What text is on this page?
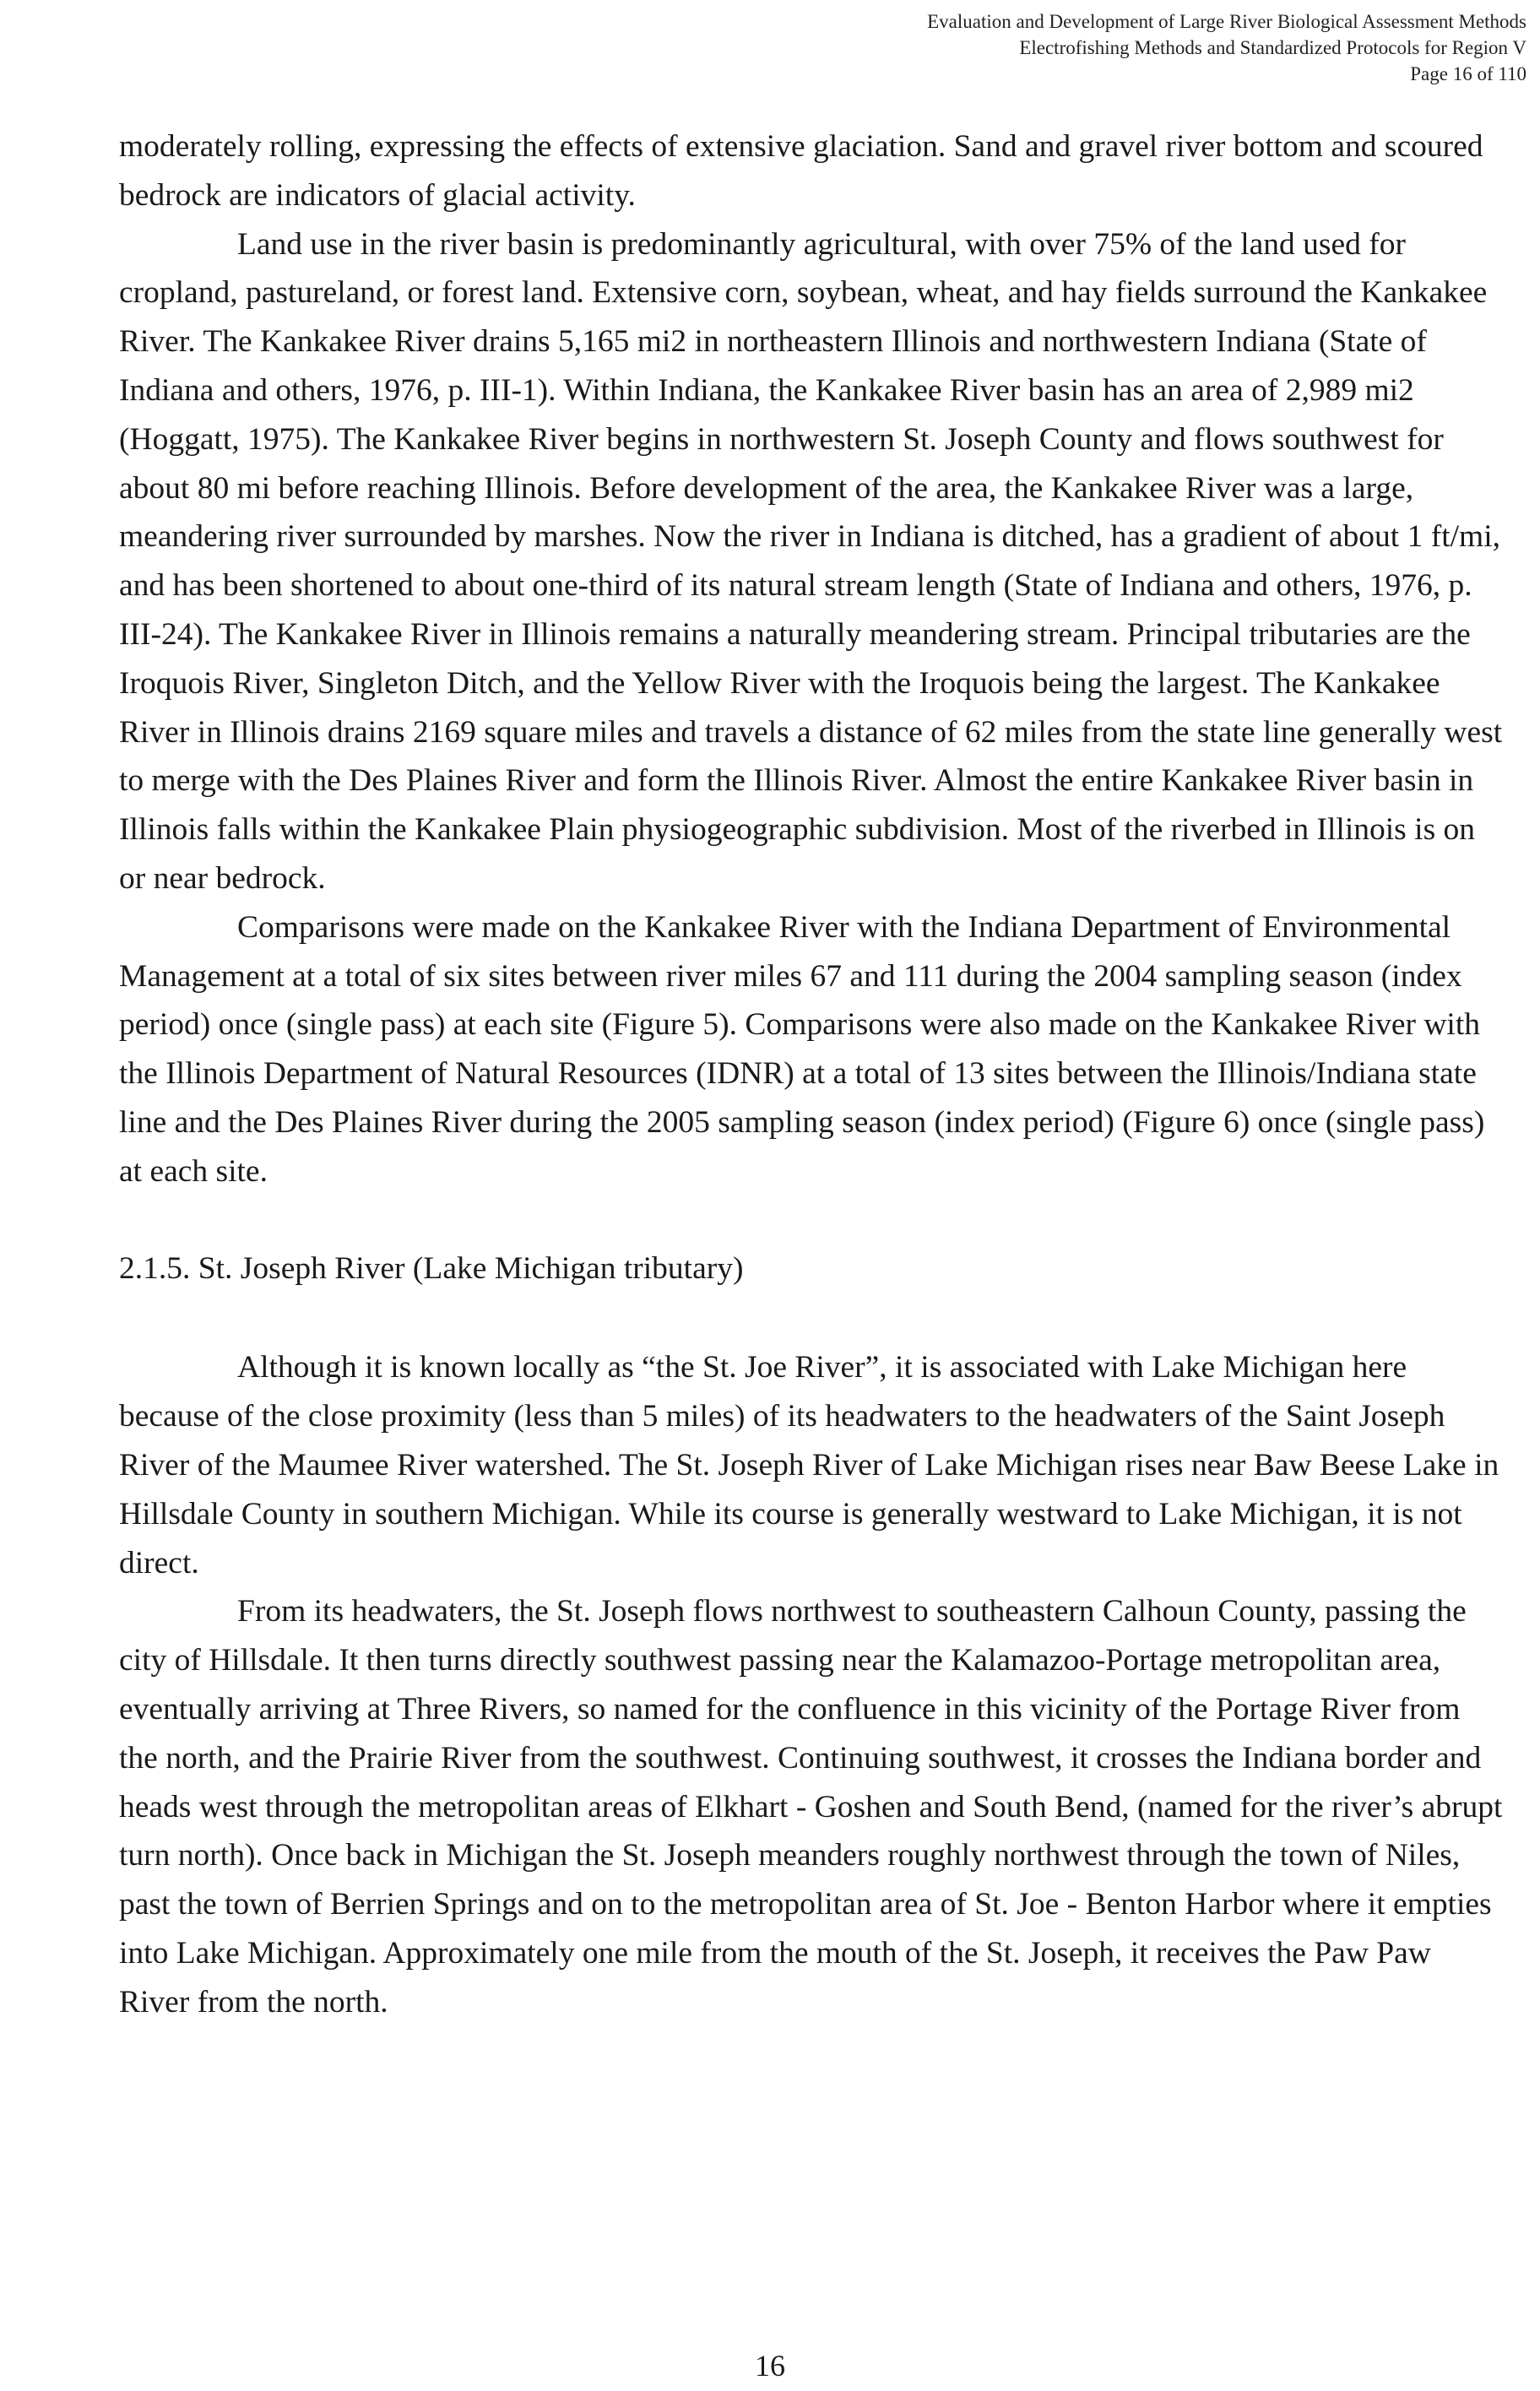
Evaluation and Development of Large River Biological Assessment Methods
Electrofishing Methods and Standardized Protocols for Region V
Page 16 of 110

moderately rolling, expressing the effects of extensive glaciation. Sand and gravel river bottom and scoured bedrock are indicators of glacial activity.

Land use in the river basin is predominantly agricultural, with over 75% of the land used for cropland, pastureland, or forest land. Extensive corn, soybean, wheat, and hay fields surround the Kankakee River. The Kankakee River drains 5,165 mi2 in northeastern Illinois and northwestern Indiana (State of Indiana and others, 1976, p. III-1). Within Indiana, the Kankakee River basin has an area of 2,989 mi2 (Hoggatt, 1975). The Kankakee River begins in northwestern St. Joseph County and flows southwest for about 80 mi before reaching Illinois. Before development of the area, the Kankakee River was a large, meandering river surrounded by marshes. Now the river in Indiana is ditched, has a gradient of about 1 ft/mi, and has been shortened to about one-third of its natural stream length (State of Indiana and others, 1976, p. III-24). The Kankakee River in Illinois remains a naturally meandering stream. Principal tributaries are the Iroquois River, Singleton Ditch, and the Yellow River with the Iroquois being the largest. The Kankakee River in Illinois drains 2169 square miles and travels a distance of 62 miles from the state line generally west to merge with the Des Plaines River and form the Illinois River. Almost the entire Kankakee River basin in Illinois falls within the Kankakee Plain physiogeographic subdivision. Most of the riverbed in Illinois is on or near bedrock.

Comparisons were made on the Kankakee River with the Indiana Department of Environmental Management at a total of six sites between river miles 67 and 111 during the 2004 sampling season (index period) once (single pass) at each site (Figure 5). Comparisons were also made on the Kankakee River with the Illinois Department of Natural Resources (IDNR) at a total of 13 sites between the Illinois/Indiana state line and the Des Plaines River during the 2005 sampling season (index period) (Figure 6) once (single pass) at each site.

2.1.5. St. Joseph River (Lake Michigan tributary)

Although it is known locally as “the St. Joe River”, it is associated with Lake Michigan here because of the close proximity (less than 5 miles) of its headwaters to the headwaters of the Saint Joseph River of the Maumee River watershed. The St. Joseph River of Lake Michigan rises near Baw Beese Lake in Hillsdale County in southern Michigan. While its course is generally westward to Lake Michigan, it is not direct.

From its headwaters, the St. Joseph flows northwest to southeastern Calhoun County, passing the city of Hillsdale. It then turns directly southwest passing near the Kalamazoo-Portage metropolitan area, eventually arriving at Three Rivers, so named for the confluence in this vicinity of the Portage River from the north, and the Prairie River from the southwest. Continuing southwest, it crosses the Indiana border and heads west through the metropolitan areas of Elkhart - Goshen and South Bend, (named for the river’s abrupt turn north). Once back in Michigan the St. Joseph meanders roughly northwest through the town of Niles, past the town of Berrien Springs and on to the metropolitan area of St. Joe - Benton Harbor where it empties into Lake Michigan. Approximately one mile from the mouth of the St. Joseph, it receives the Paw Paw River from the north.

16
